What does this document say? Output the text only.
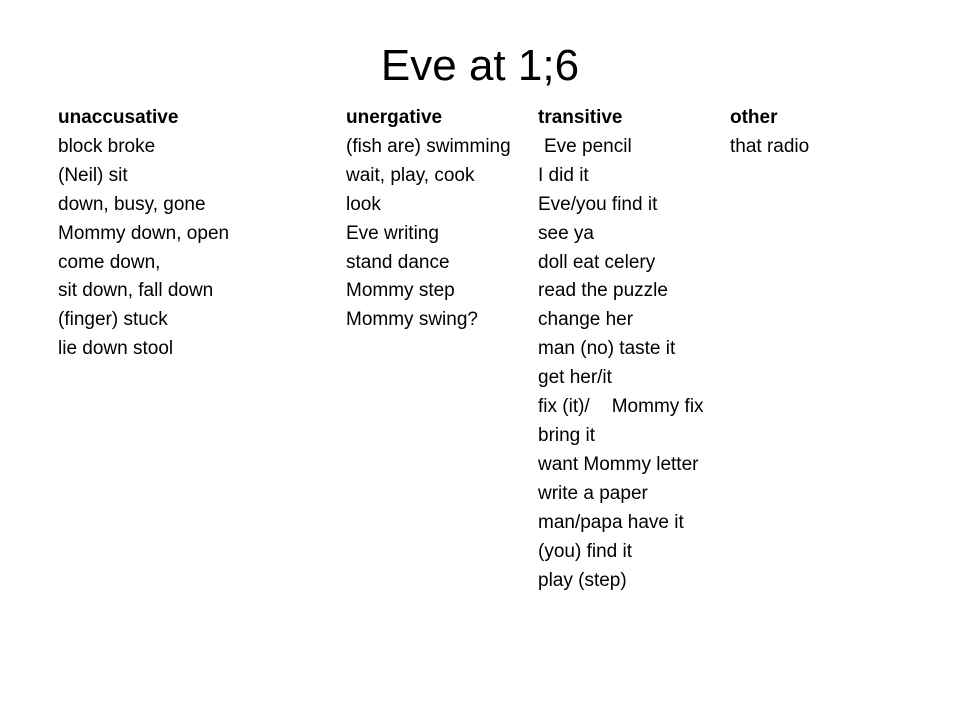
Eve at 1;6
unaccusative
block broke
(Neil) sit
down, busy, gone
Mommy down, open
come down,
sit down, fall down
(finger) stuck
lie down stool
unergative
(fish are) swimming
wait, play, cook
look
Eve writing
stand dance
Mommy step
Mommy swing?
transitive
Eve pencil
I did it
Eve/you find it
see ya
doll eat celery
read the puzzle
change her
man (no) taste it
get her/it
fix (it)/ Mommy fix
bring it
want Mommy letter
write a paper
man/papa have it
(you) find it
play (step)
other
that radio
